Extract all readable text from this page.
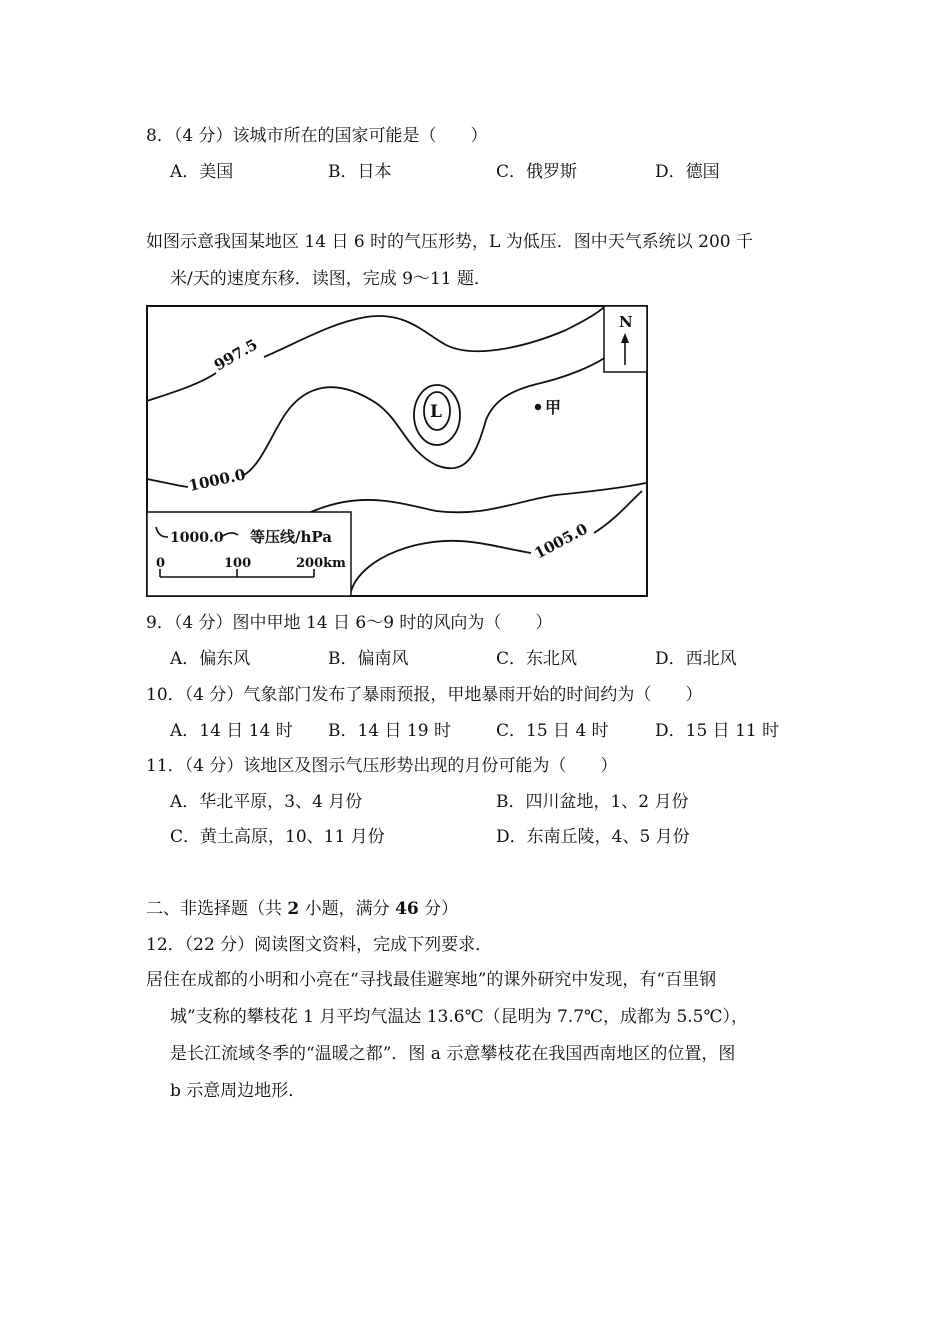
8．（4 分）该城市所在的国家可能是（　　）
A．美国	B．日本	C．俄罗斯	D．德国
如图示意我国某地区 14 日 6 时的气压形势，L 为低压．图中天气系统以 200 千
米/天的速度东移．读图，完成 9～11 题．
L	甲
997.5
1000.0
1005.0
N
1000.0 等压线/hPa
0	100	200km
9．（4 分）图中甲地 14 日 6～9 时的风向为（　　）
A．偏东风	B．偏南风	C．东北风	D．西北风
10．（4 分）气象部门发布了暴雨预报，甲地暴雨开始的时间约为（　　）
A．14 日 14 时 B．14 日 19 时	C．15 日 4 时	D．15 日 11 时
11．（4 分）该地区及图示气压形势出现的月份可能为（　　）
A．华北平原，3、4 月份	B．四川盆地，1、2 月份
C．黄土高原，10、11 月份	D．东南丘陵，4、5 月份
二、非选择题（共 2 小题，满分 46 分）
12．（22 分）阅读图文资料，完成下列要求．
居住在成都的小明和小亮在“寻找最佳避寒地”的课外研究中发现，有“百里钢
城”支称的攀枝花 1 月平均气温达 13.6℃（昆明为 7.7℃，成都为 5.5℃），
是长江流域冬季的“温暖之都”．图 a 示意攀枝花在我国西南地区的位置，图
b 示意周边地形．
